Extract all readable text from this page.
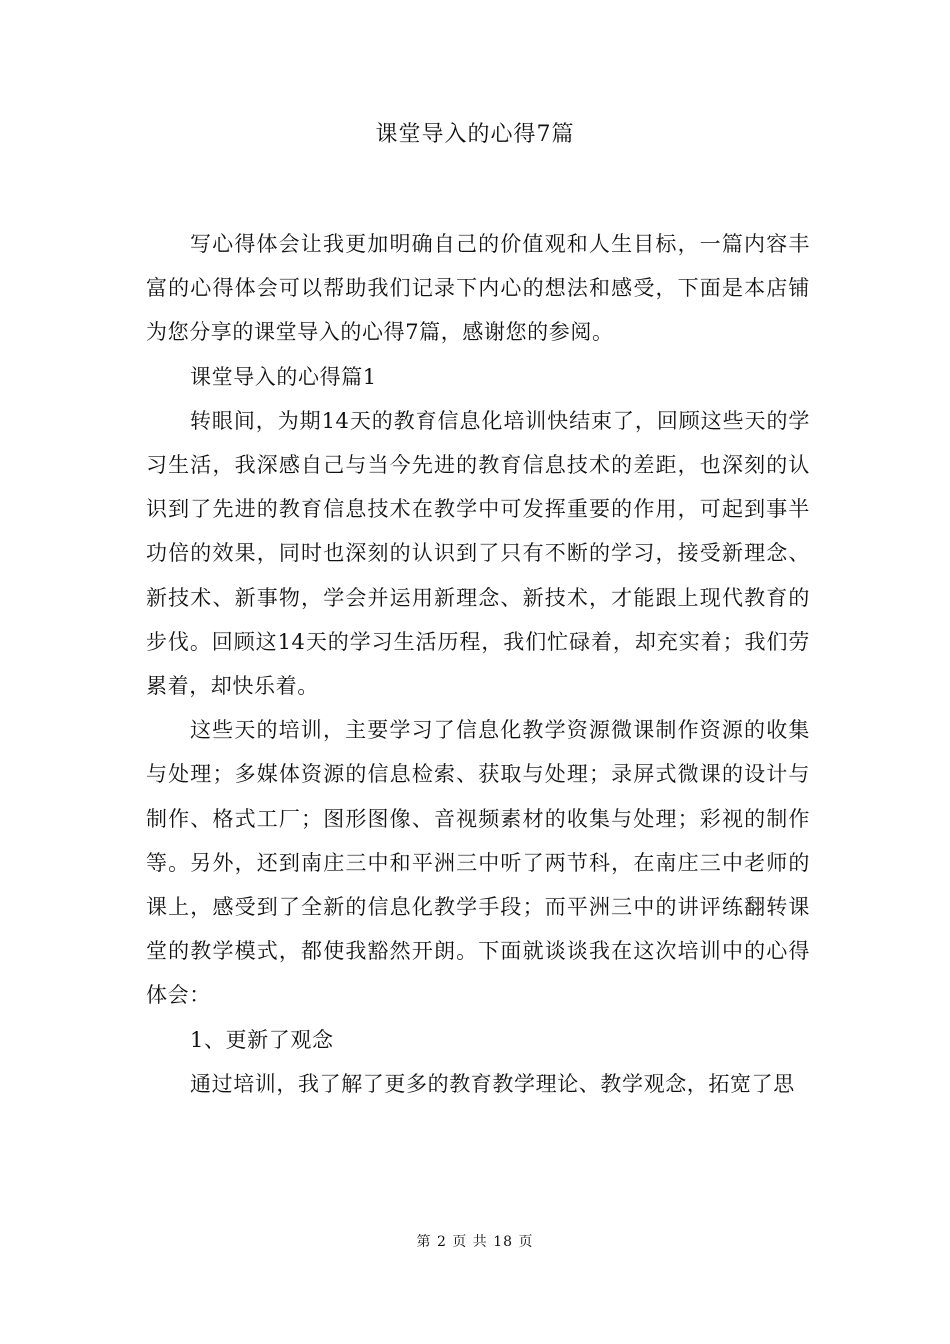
课堂导入的心得7篇

写心得体会让我更加明确自己的价值观和人生目标，一篇内容丰富的心得体会可以帮助我们记录下内心的想法和感受，下面是本店铺为您分享的课堂导入的心得7篇，感谢您的参阅。

课堂导入的心得篇1

转眼间，为期14天的教育信息化培训快结束了，回顾这些天的学习生活，我深感自己与当今先进的教育信息技术的差距，也深刻的认识到了先进的教育信息技术在教学中可发挥重要的作用，可起到事半功倍的效果，同时也深刻的认识到了只有不断的学习，接受新理念、新技术、新事物，学会并运用新理念、新技术，才能跟上现代教育的步伐。回顾这14天的学习生活历程，我们忙碌着，却充实着；我们劳累着，却快乐着。

这些天的培训，主要学习了信息化教学资源微课制作资源的收集与处理；多媒体资源的信息检索、获取与处理；录屏式微课的设计与制作、格式工厂；图形图像、音视频素材的收集与处理；彩视的制作等。另外，还到南庄三中和平洲三中听了两节科，在南庄三中老师的课上，感受到了全新的信息化教学手段；而平洲三中的讲评练翻转课堂的教学模式，都使我豁然开朗。下面就谈谈我在这次培训中的心得体会：

1、更新了观念

通过培训，我了解了更多的教育教学理论、教学观念，拓宽了思

第 2 页 共 18 页
